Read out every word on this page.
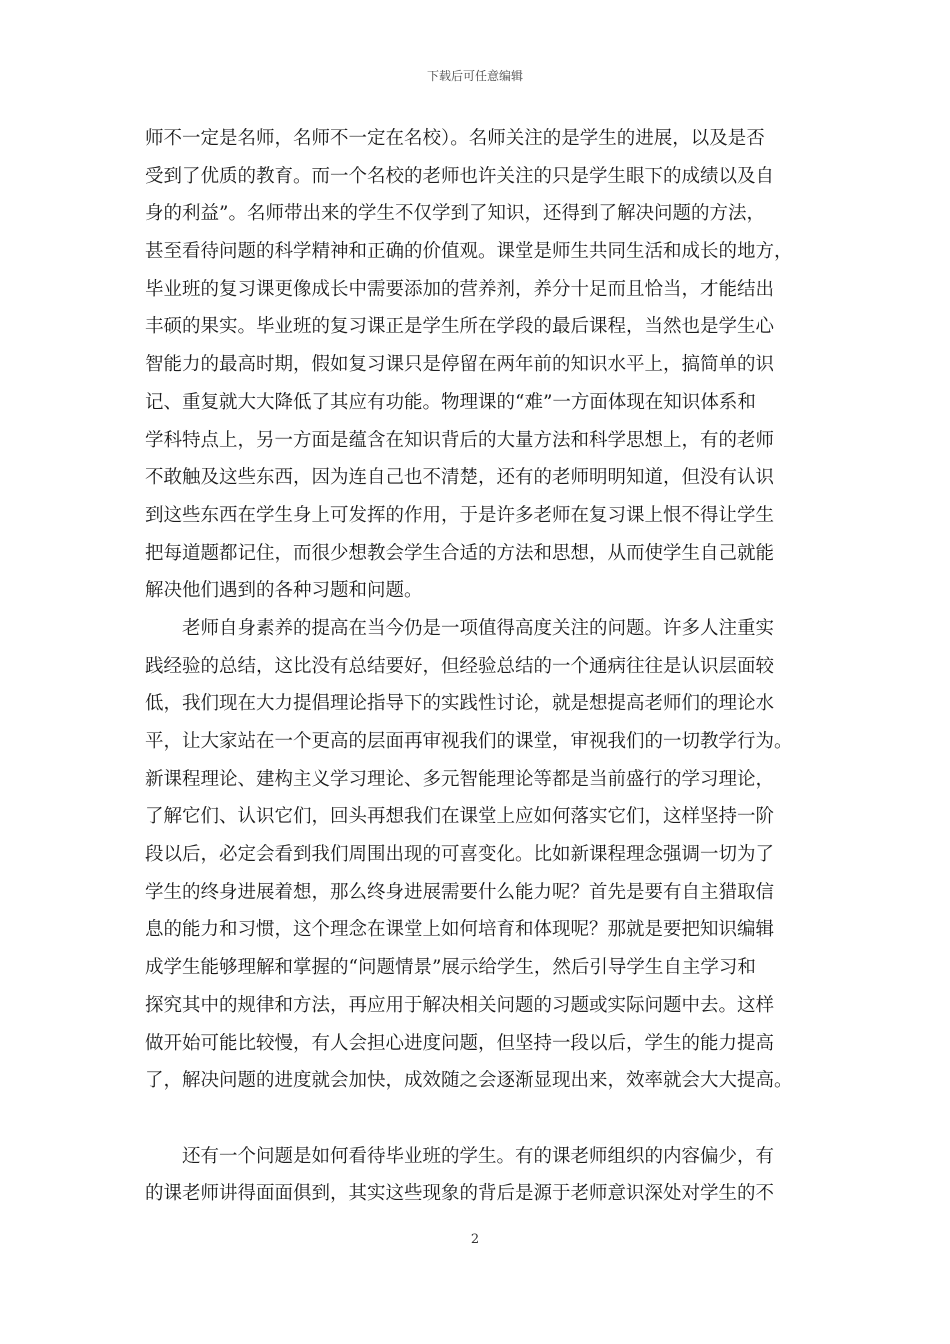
下载后可任意编辑
师不一定是名师，名师不一定在名校）。名师关注的是学生的进展，以及是否
受到了优质的教育。而一个名校的老师也许关注的只是学生眼下的成绩以及自
身的利益”。名师带出来的学生不仅学到了知识，还得到了解决问题的方法，
甚至看待问题的科学精神和正确的价值观。课堂是师生共同生活和成长的地方，
毕业班的复习课更像成长中需要添加的营养剂，养分十足而且恰当，才能结出
丰硕的果实。毕业班的复习课正是学生所在学段的最后课程，当然也是学生心
智能力的最高时期，假如复习课只是停留在两年前的知识水平上，搞简单的识
记、重复就大大降低了其应有功能。物理课的“难”一方面体现在知识体系和
学科特点上，另一方面是蕴含在知识背后的大量方法和科学思想上，有的老师
不敢触及这些东西，因为连自己也不清楚，还有的老师明明知道，但没有认识
到这些东西在学生身上可发挥的作用，于是许多老师在复习课上恨不得让学生
把每道题都记住，而很少想教会学生合适的方法和思想，从而使学生自己就能
解决他们遇到的各种习题和问题。
　　老师自身素养的提高在当今仍是一项值得高度关注的问题。许多人注重实
践经验的总结，这比没有总结要好，但经验总结的一个通病往往是认识层面较
低，我们现在大力提倡理论指导下的实践性讨论，就是想提高老师们的理论水
平，让大家站在一个更高的层面再审视我们的课堂，审视我们的一切教学行为。
新课程理论、建构主义学习理论、多元智能理论等都是当前盛行的学习理论，
了解它们、认识它们，回头再想我们在课堂上应如何落实它们，这样坚持一阶
段以后，必定会看到我们周围出现的可喜变化。比如新课程理念强调一切为了
学生的终身进展着想，那么终身进展需要什么能力呢？首先是要有自主猎取信
息的能力和习惯，这个理念在课堂上如何培育和体现呢？那就是要把知识编辑
成学生能够理解和掌握的“问题情景”展示给学生，然后引导学生自主学习和
探究其中的规律和方法，再应用于解决相关问题的习题或实际问题中去。这样
做开始可能比较慢，有人会担心进度问题，但坚持一段以后，学生的能力提高
了，解决问题的进度就会加快，成效随之会逐渐显现出来，效率就会大大提高。
　　还有一个问题是如何看待毕业班的学生。有的课老师组织的内容偏少，有
的课老师讲得面面俱到，其实这些现象的背后是源于老师意识深处对学生的不
2
